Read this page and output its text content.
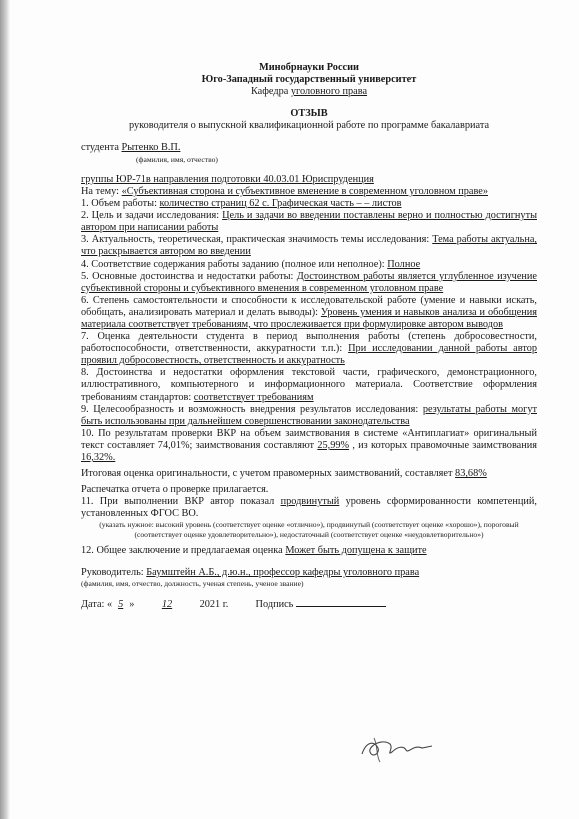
Минобрнауки России

Юго-Западный государственный университет

Кафедра уголовного права

ОТЗЫВ

руководителя о выпускной квалификационной работе по программе бакалавриата

студента Рытенко В.П.

(фамилия, имя, отчество)

группы ЮР-71в направления подготовки 40.03.01 Юриспруденция

На тему: «Субъективная сторона и субъективное вменение в современном уголовном праве»

1. Объем работы: количество страниц 62 с. Графическая часть – – листов

2. Цель и задачи исследования: Цель и задачи во введении поставлены верно и полностью достигнуты автором при написании работы

3. Актуальность, теоретическая, практическая значимость темы исследования: Тема работы актуальна, что раскрывается автором во введении

4. Соответствие содержания работы заданию (полное или неполное): Полное

5. Основные достоинства и недостатки работы: Достоинством работы является углубленное изучение субъективной стороны и субъективного вменения в современном уголовном праве

6. Степень самостоятельности и способности к исследовательской работе (умение и навыки искать, обобщать, анализировать материал и делать выводы): Уровень умения и навыков анализа и обобщения материала соответствует требованиям, что прослеживается при формулировке автором выводов

7. Оценка деятельности студента в период выполнения работы (степень добросовестности, работоспособности, ответственности, аккуратности т.п.): При исследовании данной работы автор проявил добросовестность, ответственность и аккуратность

8. Достоинства и недостатки оформления текстовой части, графического, демонстрационного, иллюстративного, компьютерного и информационного материала. Соответствие оформления требованиям стандартов: соответствует требованиям

9. Целесообразность и возможность внедрения результатов исследования: результаты работы могут быть использованы при дальнейшем совершенствовании законодательства

10. По результатам проверки ВКР на объем заимствования в системе «Антиплагиат» оригинальный текст составляет 74,01%; заимствования составляют 25,99% , из которых правомочные заимствования 16,32%.

Итоговая оценка оригинальности, с учетом правомерных заимствований, составляет 83,68%

Распечатка отчета о проверке прилагается.

11. При выполнении ВКР автор показал продвинутый уровень сформированности компетенций, установленных ФГОС ВО.

(указать нужное: высокий уровень (соответствует оценке «отлично»), продвинутый (соответствует оценке «хорошо»), пороговый (соответствует оценке удовлетворительно»), недостаточный (соответствует оценке «неудовлетворительно»)

12. Общее заключение и предлагаемая оценка Может быть допущена к защите

Руководитель: Баумштейн А.Б., д.ю.н., профессор кафедры уголовного права

(фамилия, имя, отчество, должность, ученая степень, ученое звание)

Дата: « 5 »	12	2021 г.	Подпись
